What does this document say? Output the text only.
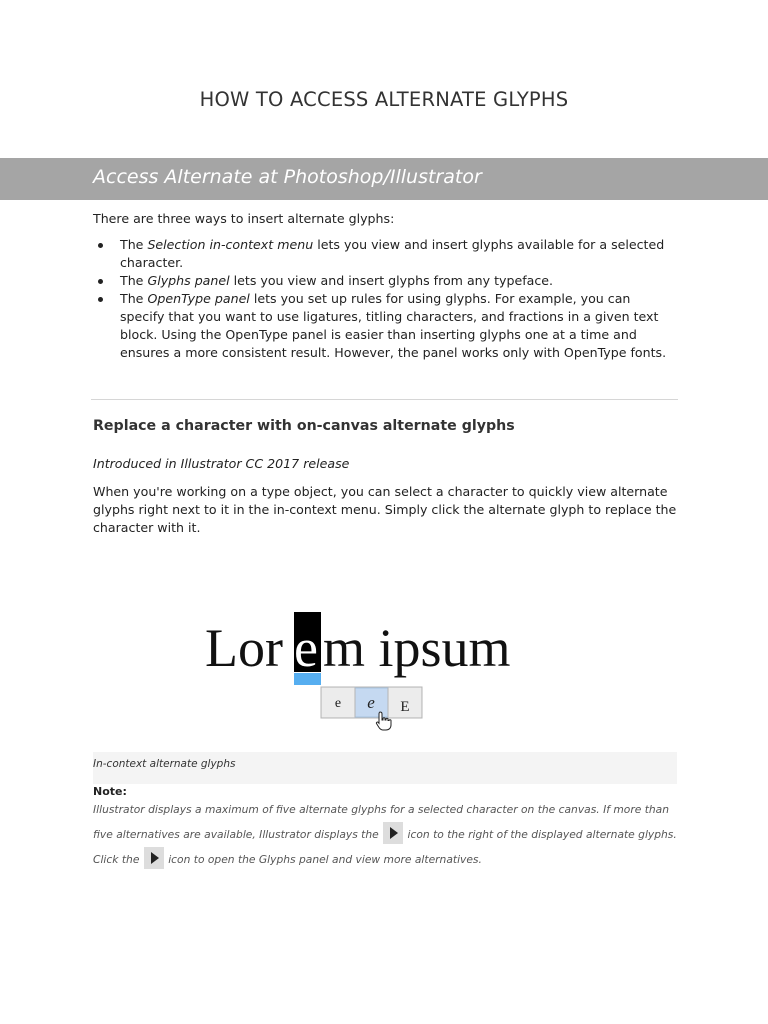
HOW TO ACCESS ALTERNATE GLYPHS
Access Alternate at Photoshop/Illustrator

There are three ways to insert alternate glyphs:

The Selection in-context menu lets you view and insert glyphs available for a selected character.
The Glyphs panel lets you view and insert glyphs from any typeface.
The OpenType panel lets you set up rules for using glyphs. For example, you can specify that you want to use ligatures, titling characters, and fractions in a given text block. Using the OpenType panel is easier than inserting glyphs one at a time and ensures a more consistent result. However, the panel works only with OpenType fonts.
Replace a character with on-canvas alternate glyphs

Introduced in Illustrator CC 2017 release

When you're working on a type object, you can select a character to quickly view alternate glyphs right next to it in the in-context menu. Simply click the alternate glyph to replace the character with it.

Lor e m ipsum
e e E

In-context alternate glyphs

Note:

Illustrator displays a maximum of five alternate glyphs for a selected character on the canvas. If more than five alternatives are available, Illustrator displays the  icon to the right of the displayed alternate glyphs. Click the  icon to open the Glyphs panel and view more alternatives.
